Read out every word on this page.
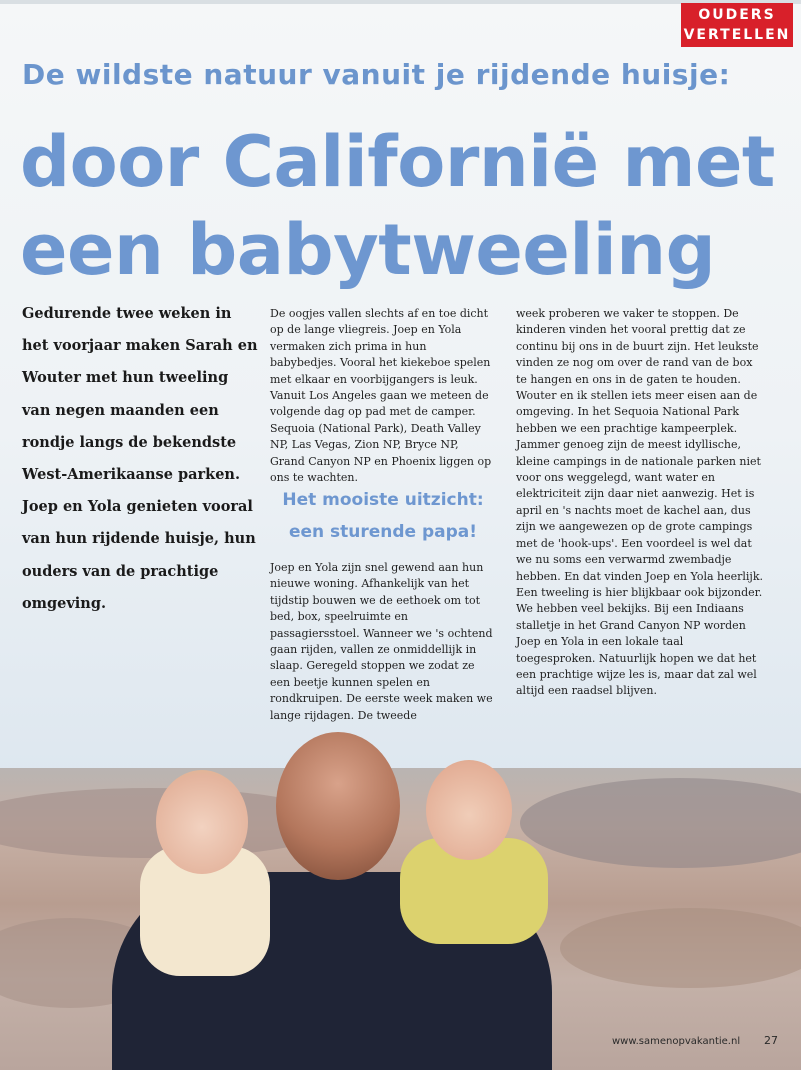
OUDERS
VERTELLEN
De wildste natuur vanuit je rijdende huisje:
door Californië met
een babytweeling
Gedurende twee weken in het voorjaar maken Sarah en Wouter met hun tweeling van negen maanden een rondje langs de bekendste West-Amerikaanse parken. Joep en Yola genieten vooral van hun rijdende huisje, hun ouders van de prachtige omgeving.

De oogjes vallen slechts af en toe dicht op de lange vliegreis. Joep en Yola vermaken zich prima in hun babybedjes. Vooral het kiekeboe spelen met elkaar en voorbijgangers is leuk. Vanuit Los Angeles gaan we meteen de volgende dag op pad met de camper. Sequoia (National Park), Death Valley NP, Las Vegas, Zion NP, Bryce NP, Grand Canyon NP en Phoenix liggen op ons te wachten.

Het mooiste uitzicht:
een sturende papa!

Joep en Yola zijn snel gewend aan hun nieuwe woning. Afhankelijk van het tijdstip bouwen we de eethoek om tot bed, box, speelruimte en passagiersstoel. Wanneer we 's ochtend gaan rijden, vallen ze onmiddellijk in slaap. Geregeld stoppen we zodat ze een beetje kunnen spelen en rondkruipen. De eerste week maken we lange rijdagen. De tweede

week proberen we vaker te stoppen. De kinderen vinden het vooral prettig dat ze continu bij ons in de buurt zijn. Het leukste vinden ze nog om over de rand van de box te hangen en ons in de gaten te houden. Wouter en ik stellen iets meer eisen aan de omgeving. In het Sequoia National Park hebben we een prachtige kampeerplek. Jammer genoeg zijn de meest idyllische, kleine campings in de nationale parken niet voor ons weggelegd, want water en elektriciteit zijn daar niet aanwezig. Het is april en 's nachts moet de kachel aan, dus zijn we aangewezen op de grote campings met de 'hook-ups'. Een voordeel is wel dat we nu soms een verwarmd zwembadje hebben. En dat vinden Joep en Yola heerlijk.

Een tweeling is hier blijkbaar ook bijzonder. We hebben veel bekijks. Bij een Indiaans stalletje in het Grand Canyon NP worden Joep en Yola in een lokale taal toegesproken. Natuurlijk hopen we dat het een prachtige wijze les is, maar dat zal wel altijd een raadsel blijven.

www.samenopvakantie.nl 27
